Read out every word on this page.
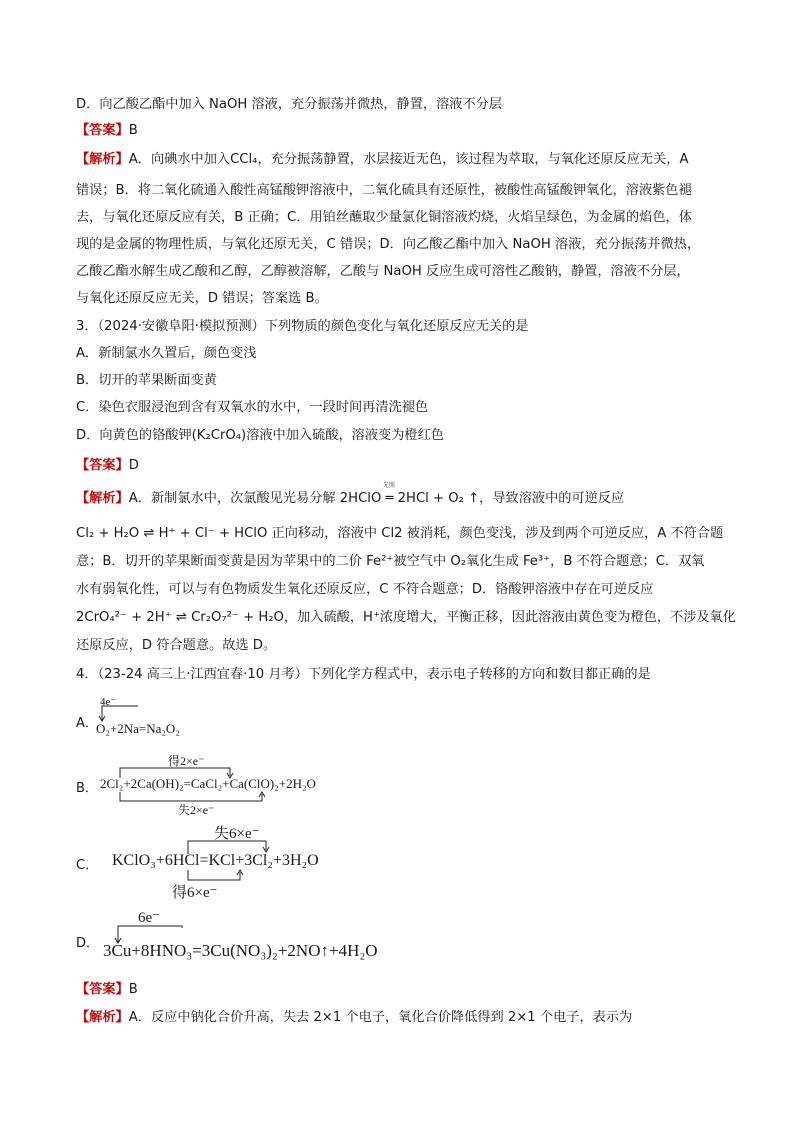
D．向乙酸乙酯中加入 NaOH 溶液，充分振荡并微热，静置，溶液不分层
【答案】B
【解析】A．向碘水中加入CCl₄，充分振荡静置，水层接近无色，该过程为萃取，与氧化还原反应无关，A
错误；B．将二氧化硫通入酸性高锰酸钾溶液中，二氧化硫具有还原性，被酸性高锰酸钾氧化，溶液紫色褪
去，与氧化还原反应有关，B 正确；C．用铂丝蘸取少量氯化铜溶液灼烧，火焰呈绿色，为金属的焰色，体
现的是金属的物理性质，与氧化还原无关，C 错误；D．向乙酸乙酯中加入 NaOH 溶液，充分振荡并微热，
乙酸乙酯水解生成乙酸和乙醇，乙醇被溶解，乙酸与 NaOH 反应生成可溶性乙酸钠，静置，溶液不分层，
与氧化还原反应无关，D 错误；答案选 B。
3．（2024·安徽阜阳·模拟预测）下列物质的颜色变化与氧化还原反应无关的是
A．新制氯水久置后，颜色变浅
B．切开的苹果断面变黄
C．染色衣服浸泡到含有双氧水的水中，一段时间再清洗褪色
D．向黄色的铬酸钾(K₂CrO₄)溶液中加入硫酸，溶液变为橙红色
【答案】D
【解析】A．新制氯水中，次氯酸见光易分解 2HClO ═ 2HCl + O₂ ↑，导致溶液中的可逆反应
光照
Cl₂ + H₂O ⇌ H⁺ + Cl⁻ + HClO 正向移动，溶液中 Cl2 被消耗，颜色变浅，涉及到两个可逆反应，A 不符合题
意；B．切开的苹果断面变黄是因为苹果中的二价 Fe²⁺被空气中 O₂氧化生成 Fe³⁺，B 不符合题意；C．双氧
水有弱氧化性，可以与有色物质发生氧化还原反应，C 不符合题意；D．铬酸钾溶液中存在可逆反应
2CrO₄²⁻ + 2H⁺ ⇌ Cr₂O₇²⁻ + H₂O，加入硫酸，H⁺浓度增大，平衡正移，因此溶液由黄色变为橙色，不涉及氧化
还原反应，D 符合题意。故选 D。
4．（23-24 高三上·江西宜春·10 月考）下列化学方程式中，表示电子转移的方向和数目都正确的是
A．
4e⁻
O₂+2Na=Na₂O₂
B．
得2×e⁻
2Cl₂+2Ca(OH)₂=CaCl₂+Ca(ClO)₂+2H₂O
失2×e⁻
C．
失6×e⁻
KClO₃+6HCl=KCl+3Cl₂+3H₂O
得6×e⁻
D．
6e⁻
3Cu+8HNO₃=3Cu(NO₃)₂+2NO↑+4H₂O
【答案】B
【解析】A．反应中钠化合价升高，失去 2×1 个电子，氧化合价降低得到 2×1 个电子，表示为
